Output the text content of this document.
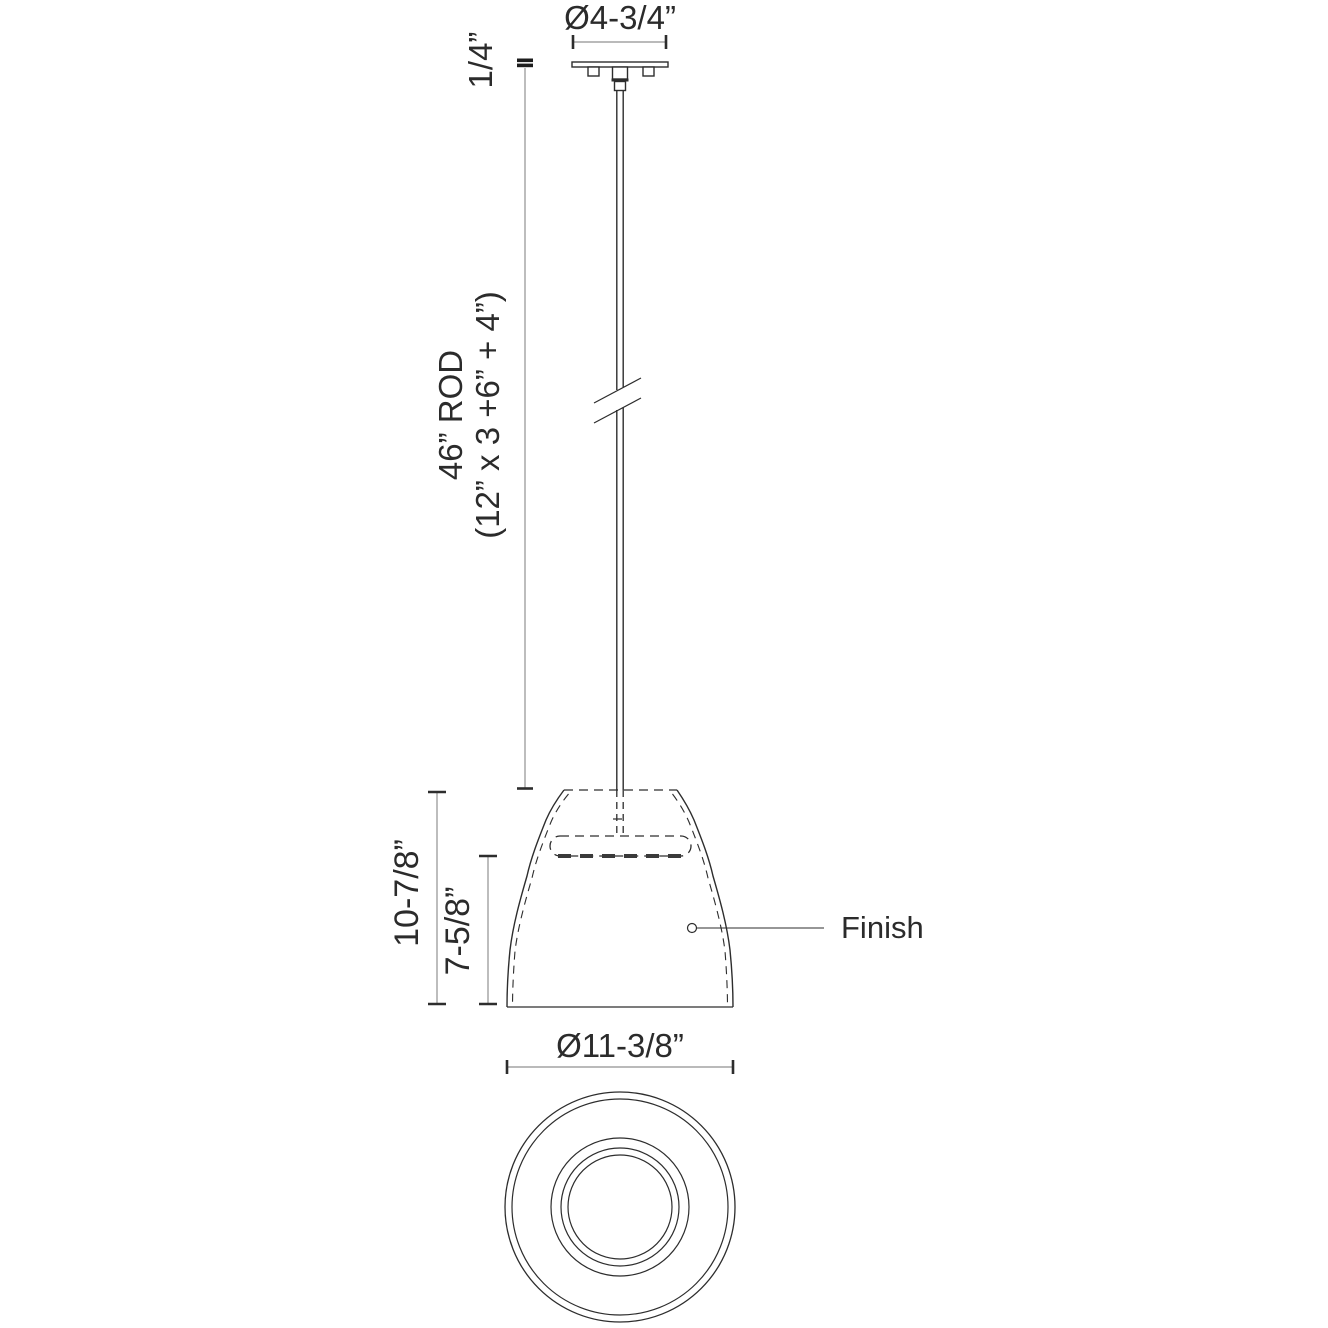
Ø4-3/4”
1/4”
46” ROD (12” x 3 +6” + 4”)
Finish
10-7/8” 7-5/8”
Ø11-3/8”
